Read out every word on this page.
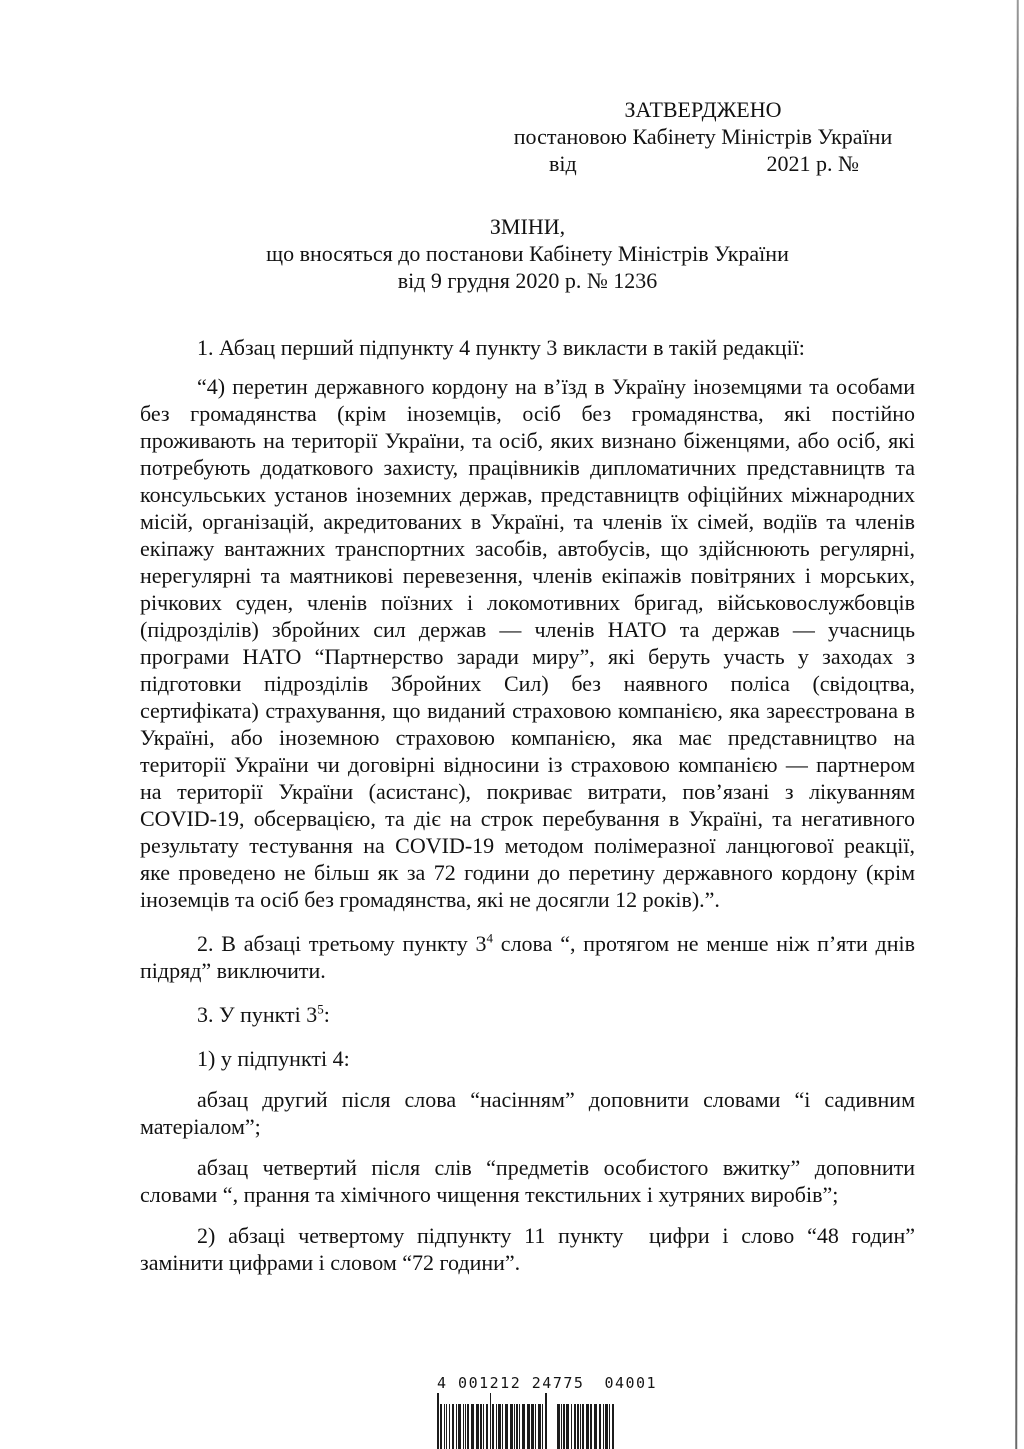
ЗАТВЕРДЖЕНО
постановою Кабінету Міністрів України
від	2021 р. №
ЗМІНИ,
що вносяться до постанови Кабінету Міністрів України
від 9 грудня 2020 р. № 1236

1. Абзац перший підпункту 4 пункту 3 викласти в такій редакції:

“4) перетин державного кордону на в’їзд в Україну іноземцями та особами без громадянства (крім іноземців, осіб без громадянства, які постійно проживають на території України, та осіб, яких визнано біженцями, або осіб, які потребують додаткового захисту, працівників дипломатичних представництв та консульських установ іноземних держав, представництв офіційних міжнародних місій, організацій, акредитованих в Україні, та членів їх сімей, водіїв та членів екіпажу вантажних транспортних засобів, автобусів, що здійснюють регулярні, нерегулярні та маятникові перевезення, членів екіпажів повітряних і морських, річкових суден, членів поїзних і локомотивних бригад, військовослужбовців (підрозділів) збройних сил держав — членів НАТО та держав — учасниць програми НАТО “Партнерство заради миру”, які беруть участь у заходах з підготовки підрозділів Збройних Сил) без наявного поліса (свідоцтва, сертифіката) страхування, що виданий страховою компанією, яка зареєстрована в Україні, або іноземною страховою компанією, яка має представництво на території України чи договірні відносини із страховою компанією — партнером на території України (асистанс), покриває витрати, пов’язані з лікуванням COVID-19, обсервацією, та діє на строк перебування в Україні, та негативного результату тестування на COVID-19 методом полімеразної ланцюгової реакції, яке проведено не більш як за 72 години до перетину державного кордону (крім іноземців та осіб без громадянства, які не досягли 12 років).”.

2. В абзаці третьому пункту 3$^4$ слова “, протягом не менше ніж п’яти днів підряд” виключити.

3. У пункті 3$^5$:

1) у підпункті 4:

абзац другий після слова “насінням” доповнити словами “і садивним матеріалом”;

абзац четвертий після слів “предметів особистого вжитку” доповнити словами “, прання та хімічного чищення текстильних і хутряних виробів”;

2) абзаці четвертому підпункту 11 пункту  цифри і слово “48 годин” замінити цифрами і словом “72 години”.

4 001212 24775 04001
